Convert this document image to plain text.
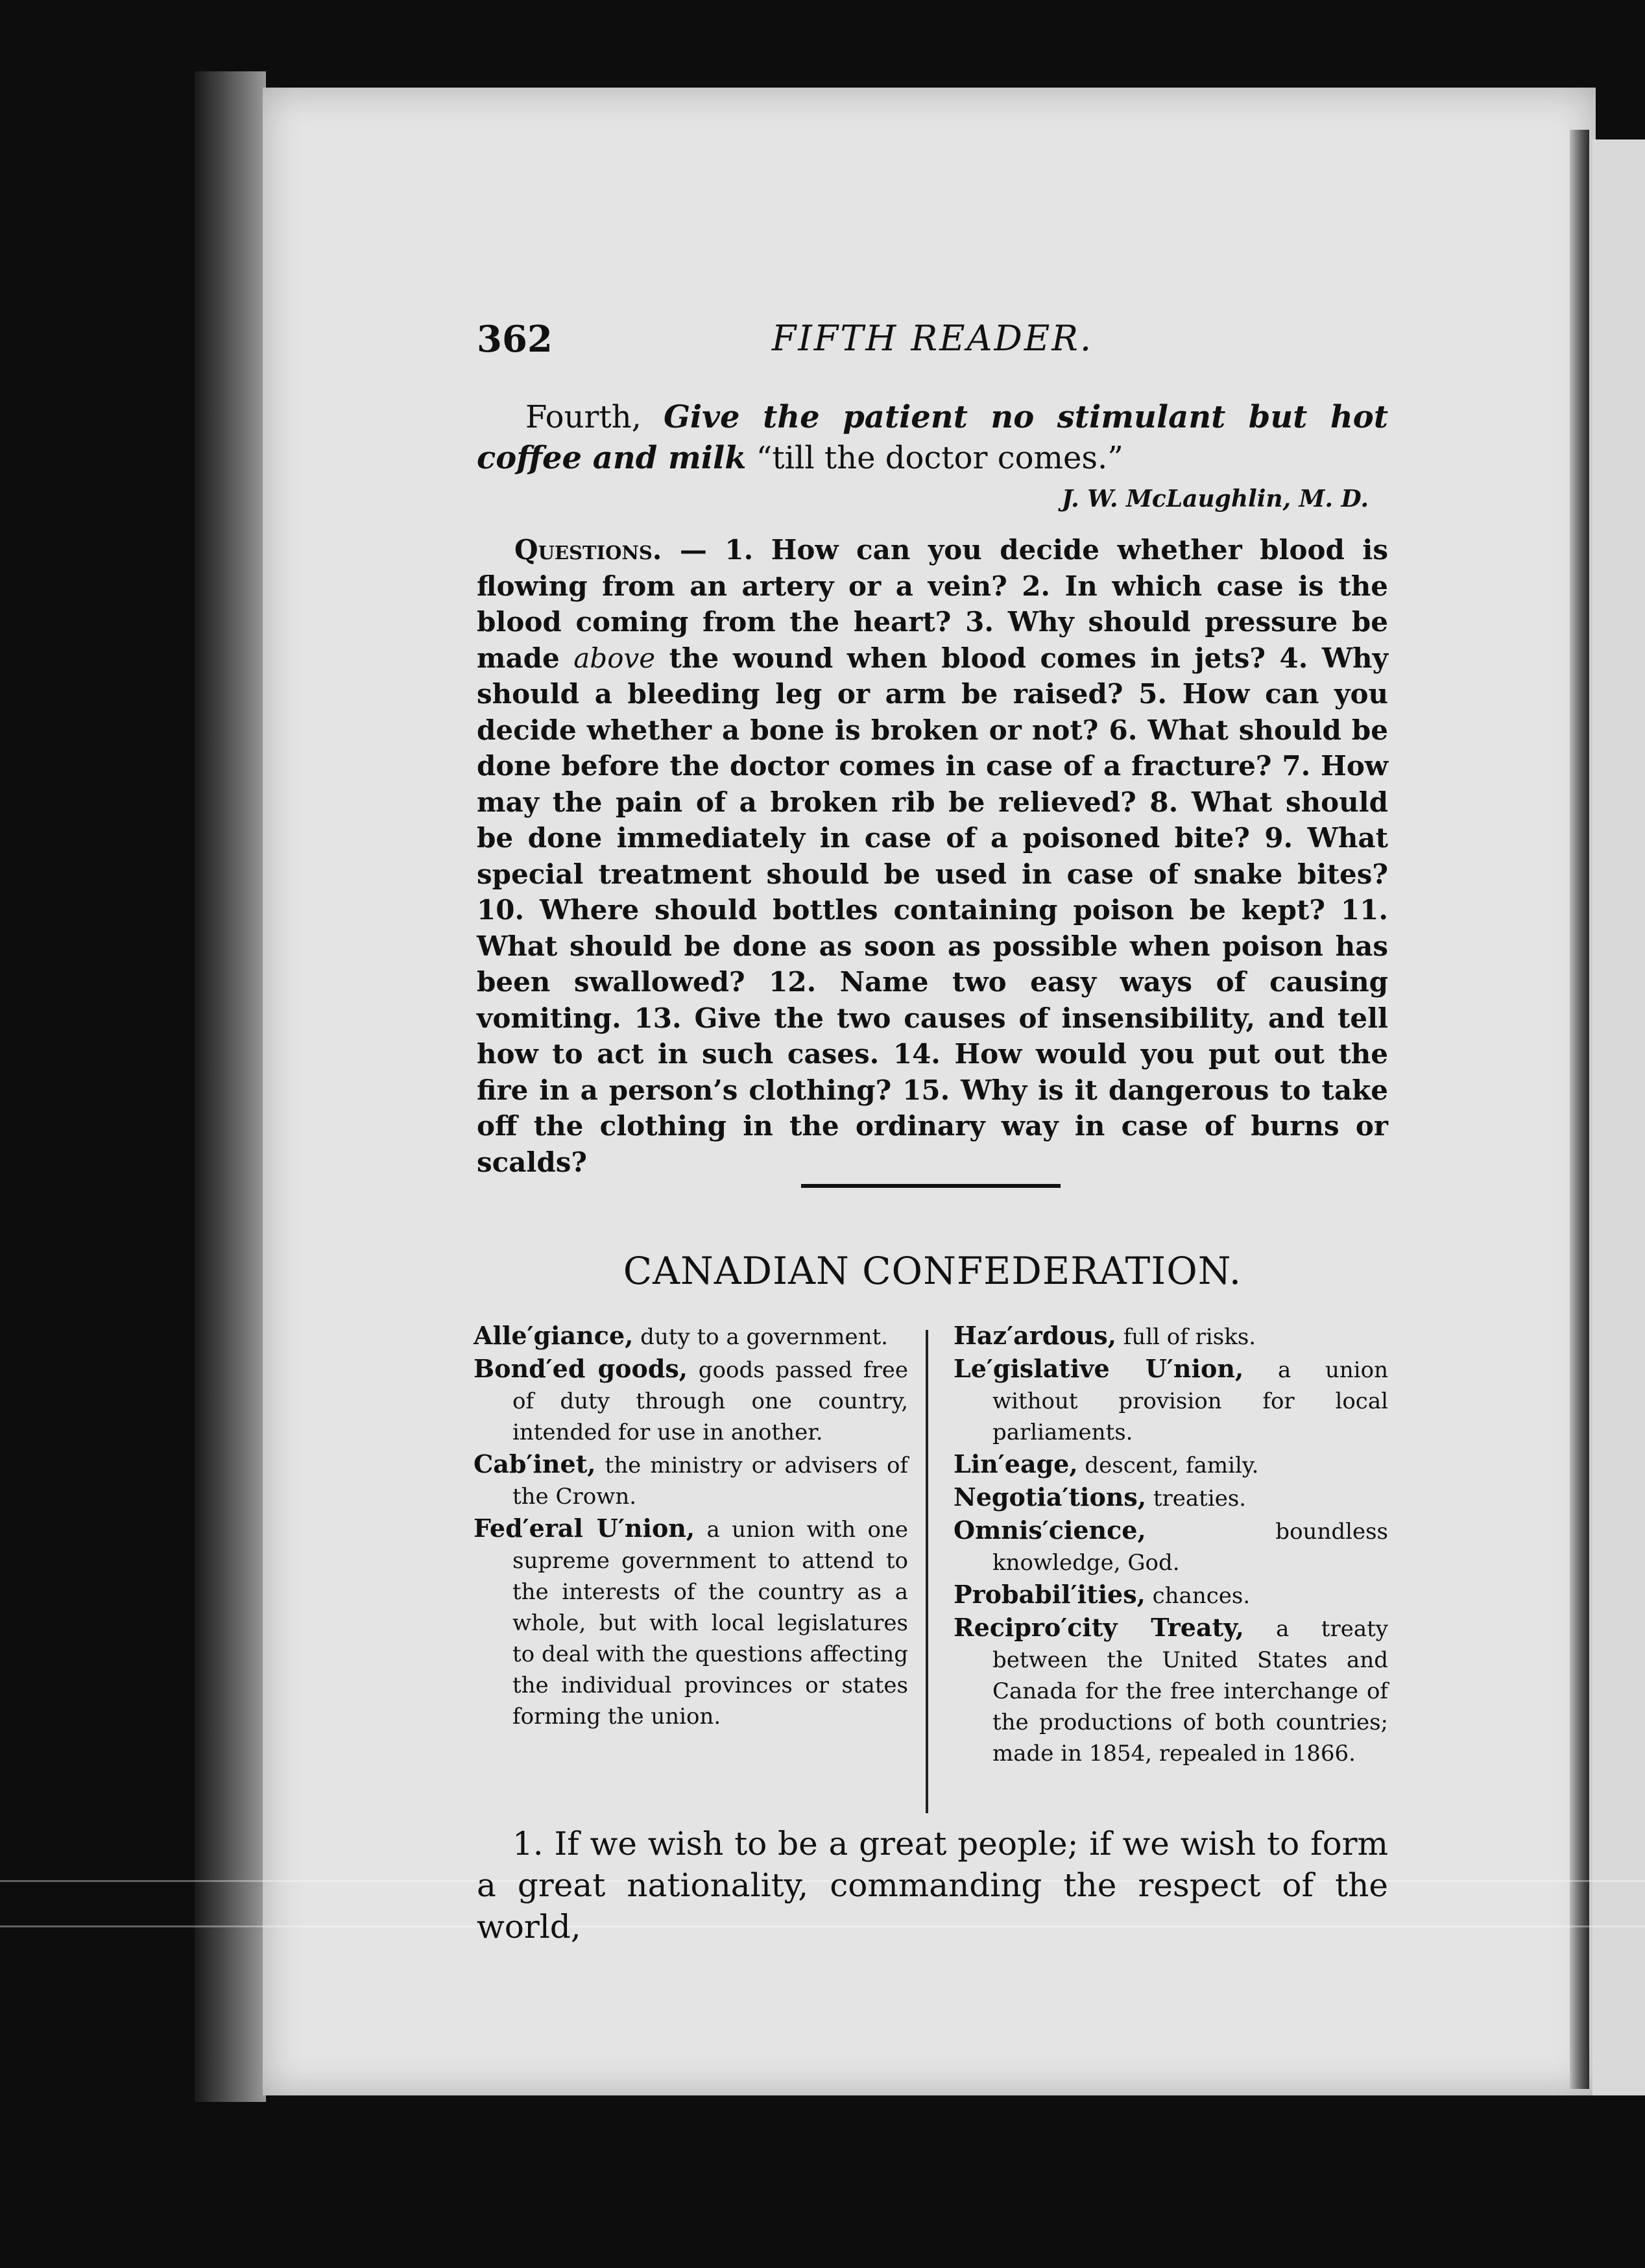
362	FIFTH READER.

Fourth, Give the patient no stimulant but hot coffee and milk “till the doctor comes.”

J. W. McLaughlin, M. D.

Questions. — 1. How can you decide whether blood is flowing from an artery or a vein? 2. In which case is the blood coming from the heart? 3. Why should pressure be made above the wound when blood comes in jets? 4. Why should a bleeding leg or arm be raised? 5. How can you decide whether a bone is broken or not? 6. What should be done before the doctor comes in case of a fracture? 7. How may the pain of a broken rib be relieved? 8. What should be done immediately in case of a poisoned bite? 9. What special treatment should be used in case of snake bites? 10. Where should bottles containing poison be kept? 11. What should be done as soon as possible when poison has been swallowed? 12. Name two easy ways of causing vomiting. 13. Give the two causes of insensibility, and tell how to act in such cases. 14. How would you put out the fire in a person’s clothing? 15. Why is it dangerous to take off the clothing in the ordinary way in case of burns or scalds?

CANADIAN CONFEDERATION.

Alle′giance, duty to a government.

Bond′ed goods, goods passed free of duty through one country, intended for use in another.

Cab′inet, the ministry or advisers of the Crown.

Fed′eral U′nion, a union with one supreme government to attend to the interests of the country as a whole, but with local legislatures to deal with the questions affecting the individual provinces or states forming the union.

Haz′ardous, full of risks.

Le′gislative U′nion, a union without provision for local parliaments.

Lin′eage, descent, family.

Negotia′tions, treaties.

Omnis′cience, boundless knowledge, God.

Probabil′ities, chances.

Recipro′city Treaty, a treaty between the United States and Canada for the free interchange of the productions of both countries; made in 1854, repealed in 1866.

1. If we wish to be a great people; if we wish to form a great nationality, commanding the respect of the world,
